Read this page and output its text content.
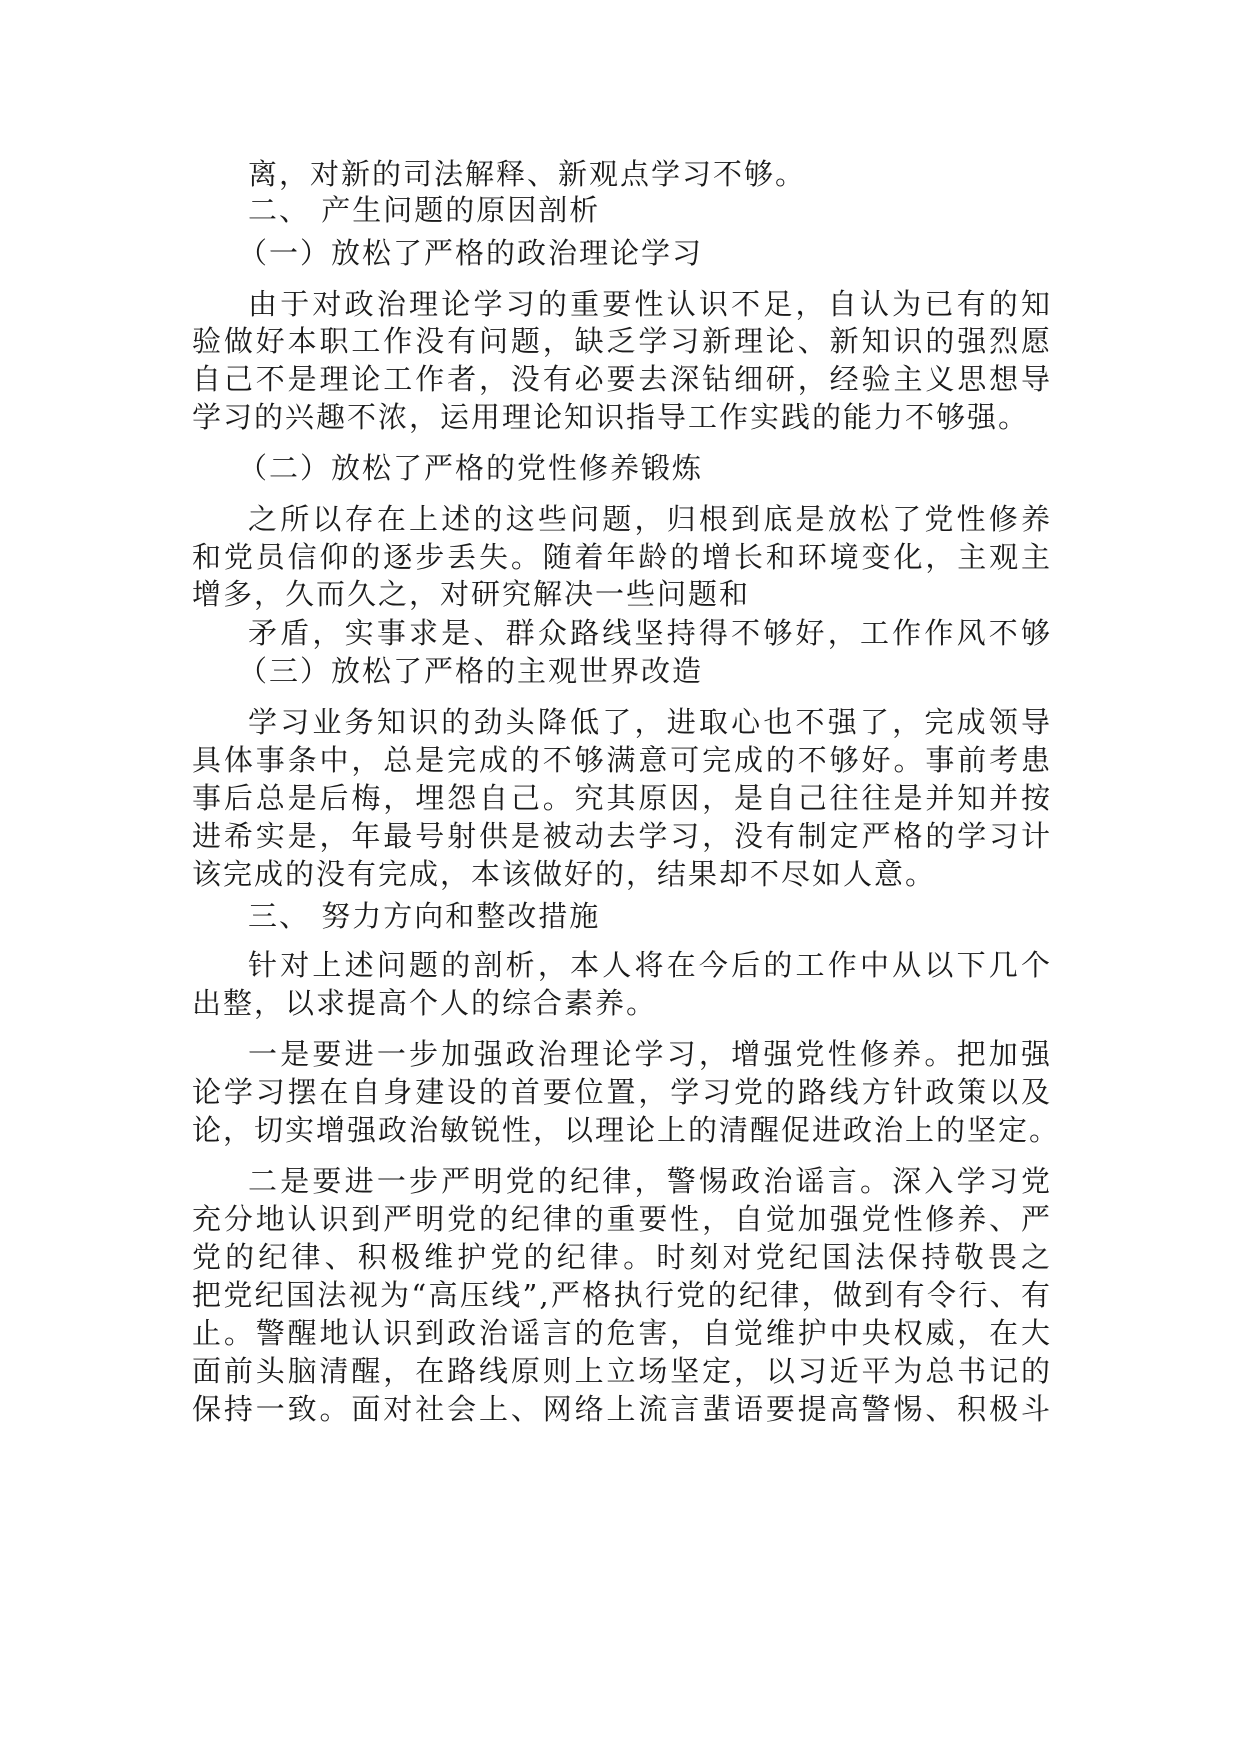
离，对新的司法解释、新观点学习不够。
二、 产生问题的原因剖析
（一）放松了严格的政治理论学习
由于对政治理论学习的重要性认识不足，自认为已有的知
验做好本职工作没有问题，缺乏学习新理论、新知识的强烈愿
自己不是理论工作者，没有必要去深钻细研，经验主义思想导
学习的兴趣不浓，运用理论知识指导工作实践的能力不够强。
（二）放松了严格的党性修养锻炼
之所以存在上述的这些问题，归根到底是放松了党性修养
和党员信仰的逐步丢失。随着年龄的增长和环境变化，主观主
增多，久而久之，对研究解决一些问题和
矛盾，实事求是、群众路线坚持得不够好，工作作风不够
（三）放松了严格的主观世界改造
学习业务知识的劲头降低了，进取心也不强了，完成领导
具体事条中，总是完成的不够满意可完成的不够好。事前考患
事后总是后梅，埋怨自己。究其原因，是自己往往是并知并按
进希实是，年最号射供是被动去学习，没有制定严格的学习计
该完成的没有完成，本该做好的，结果却不尽如人意。
三、 努力方向和整改措施
针对上述问题的剖析，本人将在今后的工作中从以下几个
出整，以求提高个人的综合素养。
一是要进一步加强政治理论学习，增强党性修养。把加强
论学习摆在自身建设的首要位置，学习党的路线方针政策以及
论，切实增强政治敏锐性，以理论上的清醒促进政治上的坚定。
二是要进一步严明党的纪律，警惕政治谣言。深入学习党
充分地认识到严明党的纪律的重要性，自觉加强党性修养、严
党的纪律、积极维护党的纪律。时刻对党纪国法保持敬畏之
把党纪国法视为“高压线”,严格执行党的纪律，做到有令行、有
止。警醒地认识到政治谣言的危害，自觉维护中央权威，在大
面前头脑清醒，在路线原则上立场坚定，以习近平为总书记的
保持一致。面对社会上、网络上流言蜚语要提高警惕、积极斗
